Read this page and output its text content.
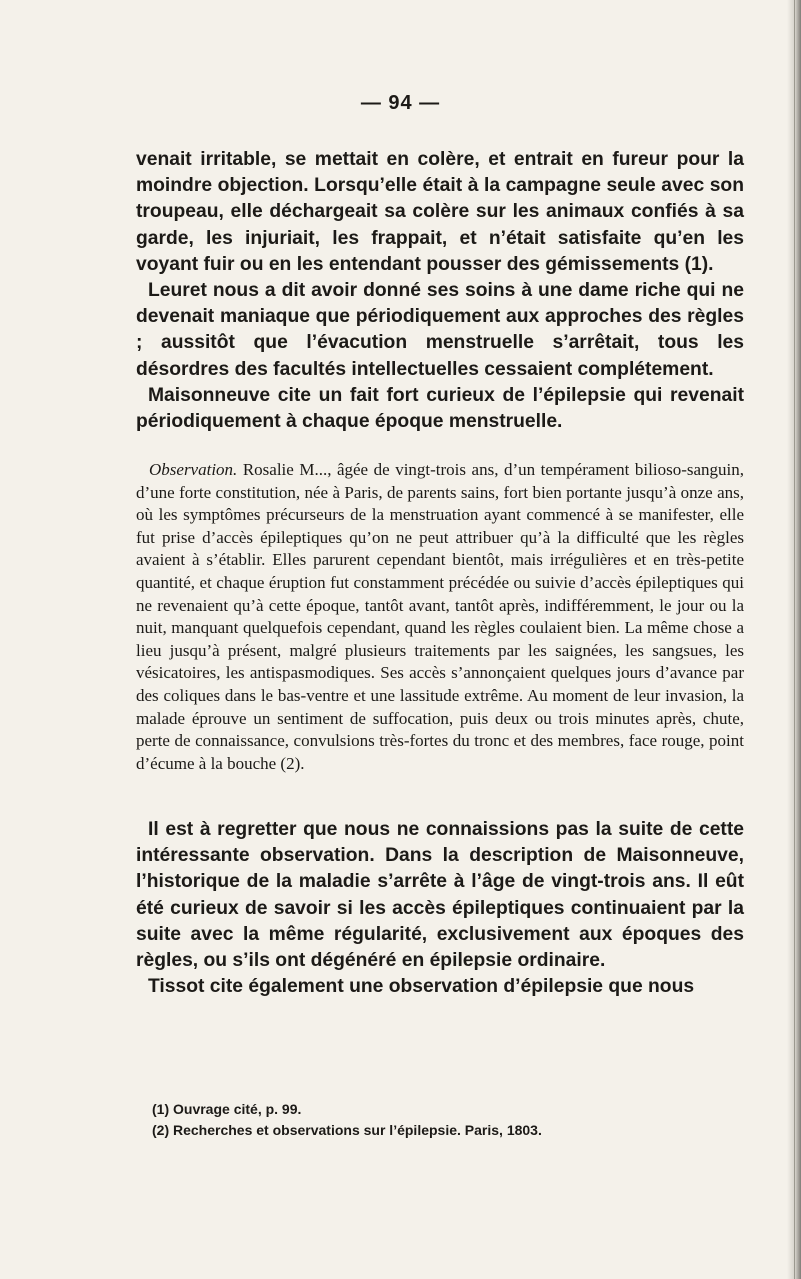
— 94 —

venait irritable, se mettait en colère, et entrait en fureur pour la moindre objection. Lorsqu’elle était à la campagne seule avec son troupeau, elle déchargeait sa colère sur les animaux confiés à sa garde, les injuriait, les frappait, et n’était satisfaite qu’en les voyant fuir ou en les entendant pousser des gémissements (1).

Leuret nous a dit avoir donné ses soins à une dame riche qui ne devenait maniaque que périodiquement aux approches des règles ; aussitôt que l’évacution menstruelle s’arrêtait, tous les désordres des facultés intellectuelles cessaient complétement.

Maisonneuve cite un fait fort curieux de l’épilepsie qui revenait périodiquement à chaque époque menstruelle.

Observation. Rosalie M..., âgée de vingt-trois ans, d’un tempérament bilioso-sanguin, d’une forte constitution, née à Paris, de parents sains, fort bien portante jusqu’à onze ans, où les symptômes précurseurs de la menstruation ayant commencé à se manifester, elle fut prise d’accès épileptiques qu’on ne peut attribuer qu’à la difficulté que les règles avaient à s’établir. Elles parurent cependant bientôt, mais irrégulières et en très-petite quantité, et chaque éruption fut constamment précédée ou suivie d’accès épileptiques qui ne revenaient qu’à cette époque, tantôt avant, tantôt après, indifféremment, le jour ou la nuit, manquant quelquefois cependant, quand les règles coulaient bien. La même chose a lieu jusqu’à présent, malgré plusieurs traitements par les saignées, les sangsues, les vésicatoires, les antispasmodiques. Ses accès s’annonçaient quelques jours d’avance par des coliques dans le bas-ventre et une lassitude extrême. Au moment de leur invasion, la malade éprouve un sentiment de suffocation, puis deux ou trois minutes après, chute, perte de connaissance, convulsions très-fortes du tronc et des membres, face rouge, point d’écume à la bouche (2).

Il est à regretter que nous ne connaissions pas la suite de cette intéressante observation. Dans la description de Maisonneuve, l’historique de la maladie s’arrête à l’âge de vingt-trois ans. Il eût été curieux de savoir si les accès épileptiques continuaient par la suite avec la même régularité, exclusivement aux époques des règles, ou s’ils ont dégénéré en épilepsie ordinaire.

Tissot cite également une observation d’épilepsie que nous

(1) Ouvrage cité, p. 99.

(2) Recherches et observations sur l’épilepsie. Paris, 1803.
